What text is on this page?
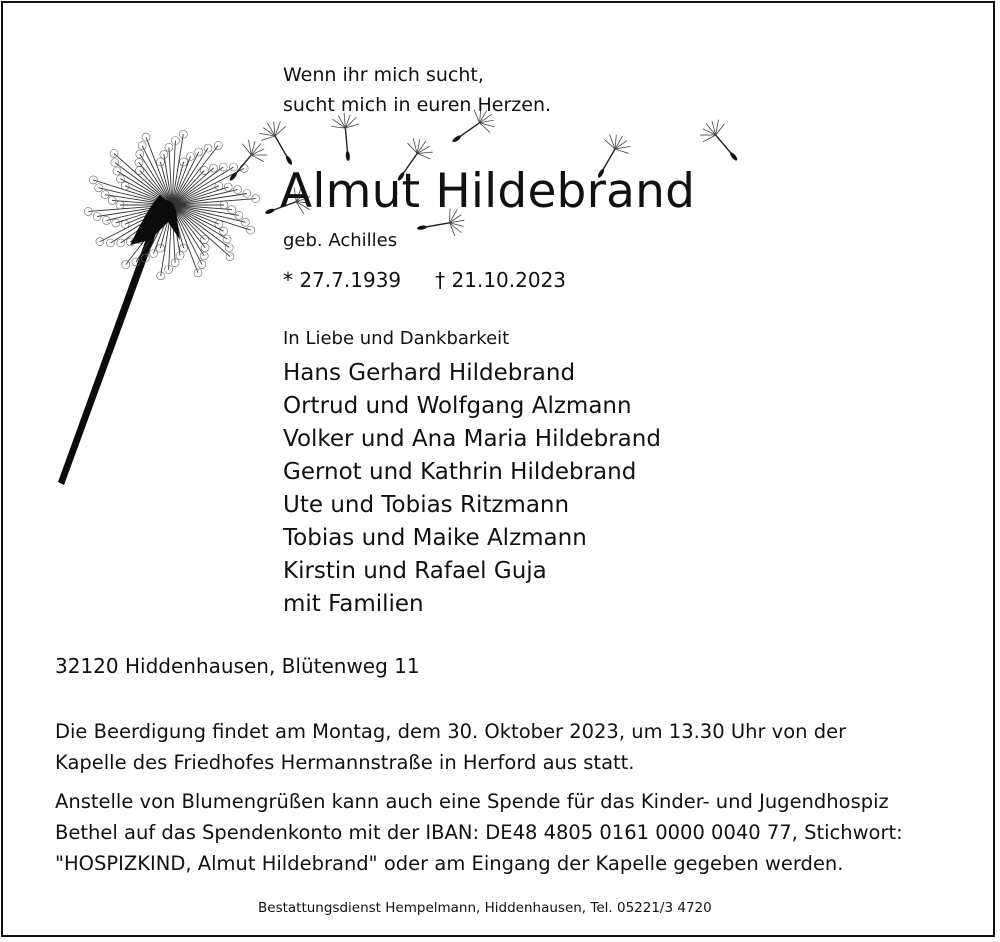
Wenn ihr mich sucht,
sucht mich in euren Herzen.
Almut Hildebrand
geb. Achilles
* 27.7.1939 † 21.10.2023
In Liebe und Dankbarkeit
Hans Gerhard Hildebrand
Ortrud und Wolfgang Alzmann
Volker und Ana Maria Hildebrand
Gernot und Kathrin Hildebrand
Ute und Tobias Ritzmann
Tobias und Maike Alzmann
Kirstin und Rafael Guja
mit Familien
32120 Hiddenhausen, Blütenweg 11
Die Beerdigung findet am Montag, dem 30. Oktober 2023, um 13.30 Uhr von der
Kapelle des Friedhofes Hermannstraße in Herford aus statt.
Anstelle von Blumengrüßen kann auch eine Spende für das Kinder- und Jugendhospiz
Bethel auf das Spendenkonto mit der IBAN: DE48 4805 0161 0000 0040 77, Stichwort:
"HOSPIZKIND, Almut Hildebrand" oder am Eingang der Kapelle gegeben werden.
Bestattungsdienst Hempelmann, Hiddenhausen, Tel. 05221/3 4720
